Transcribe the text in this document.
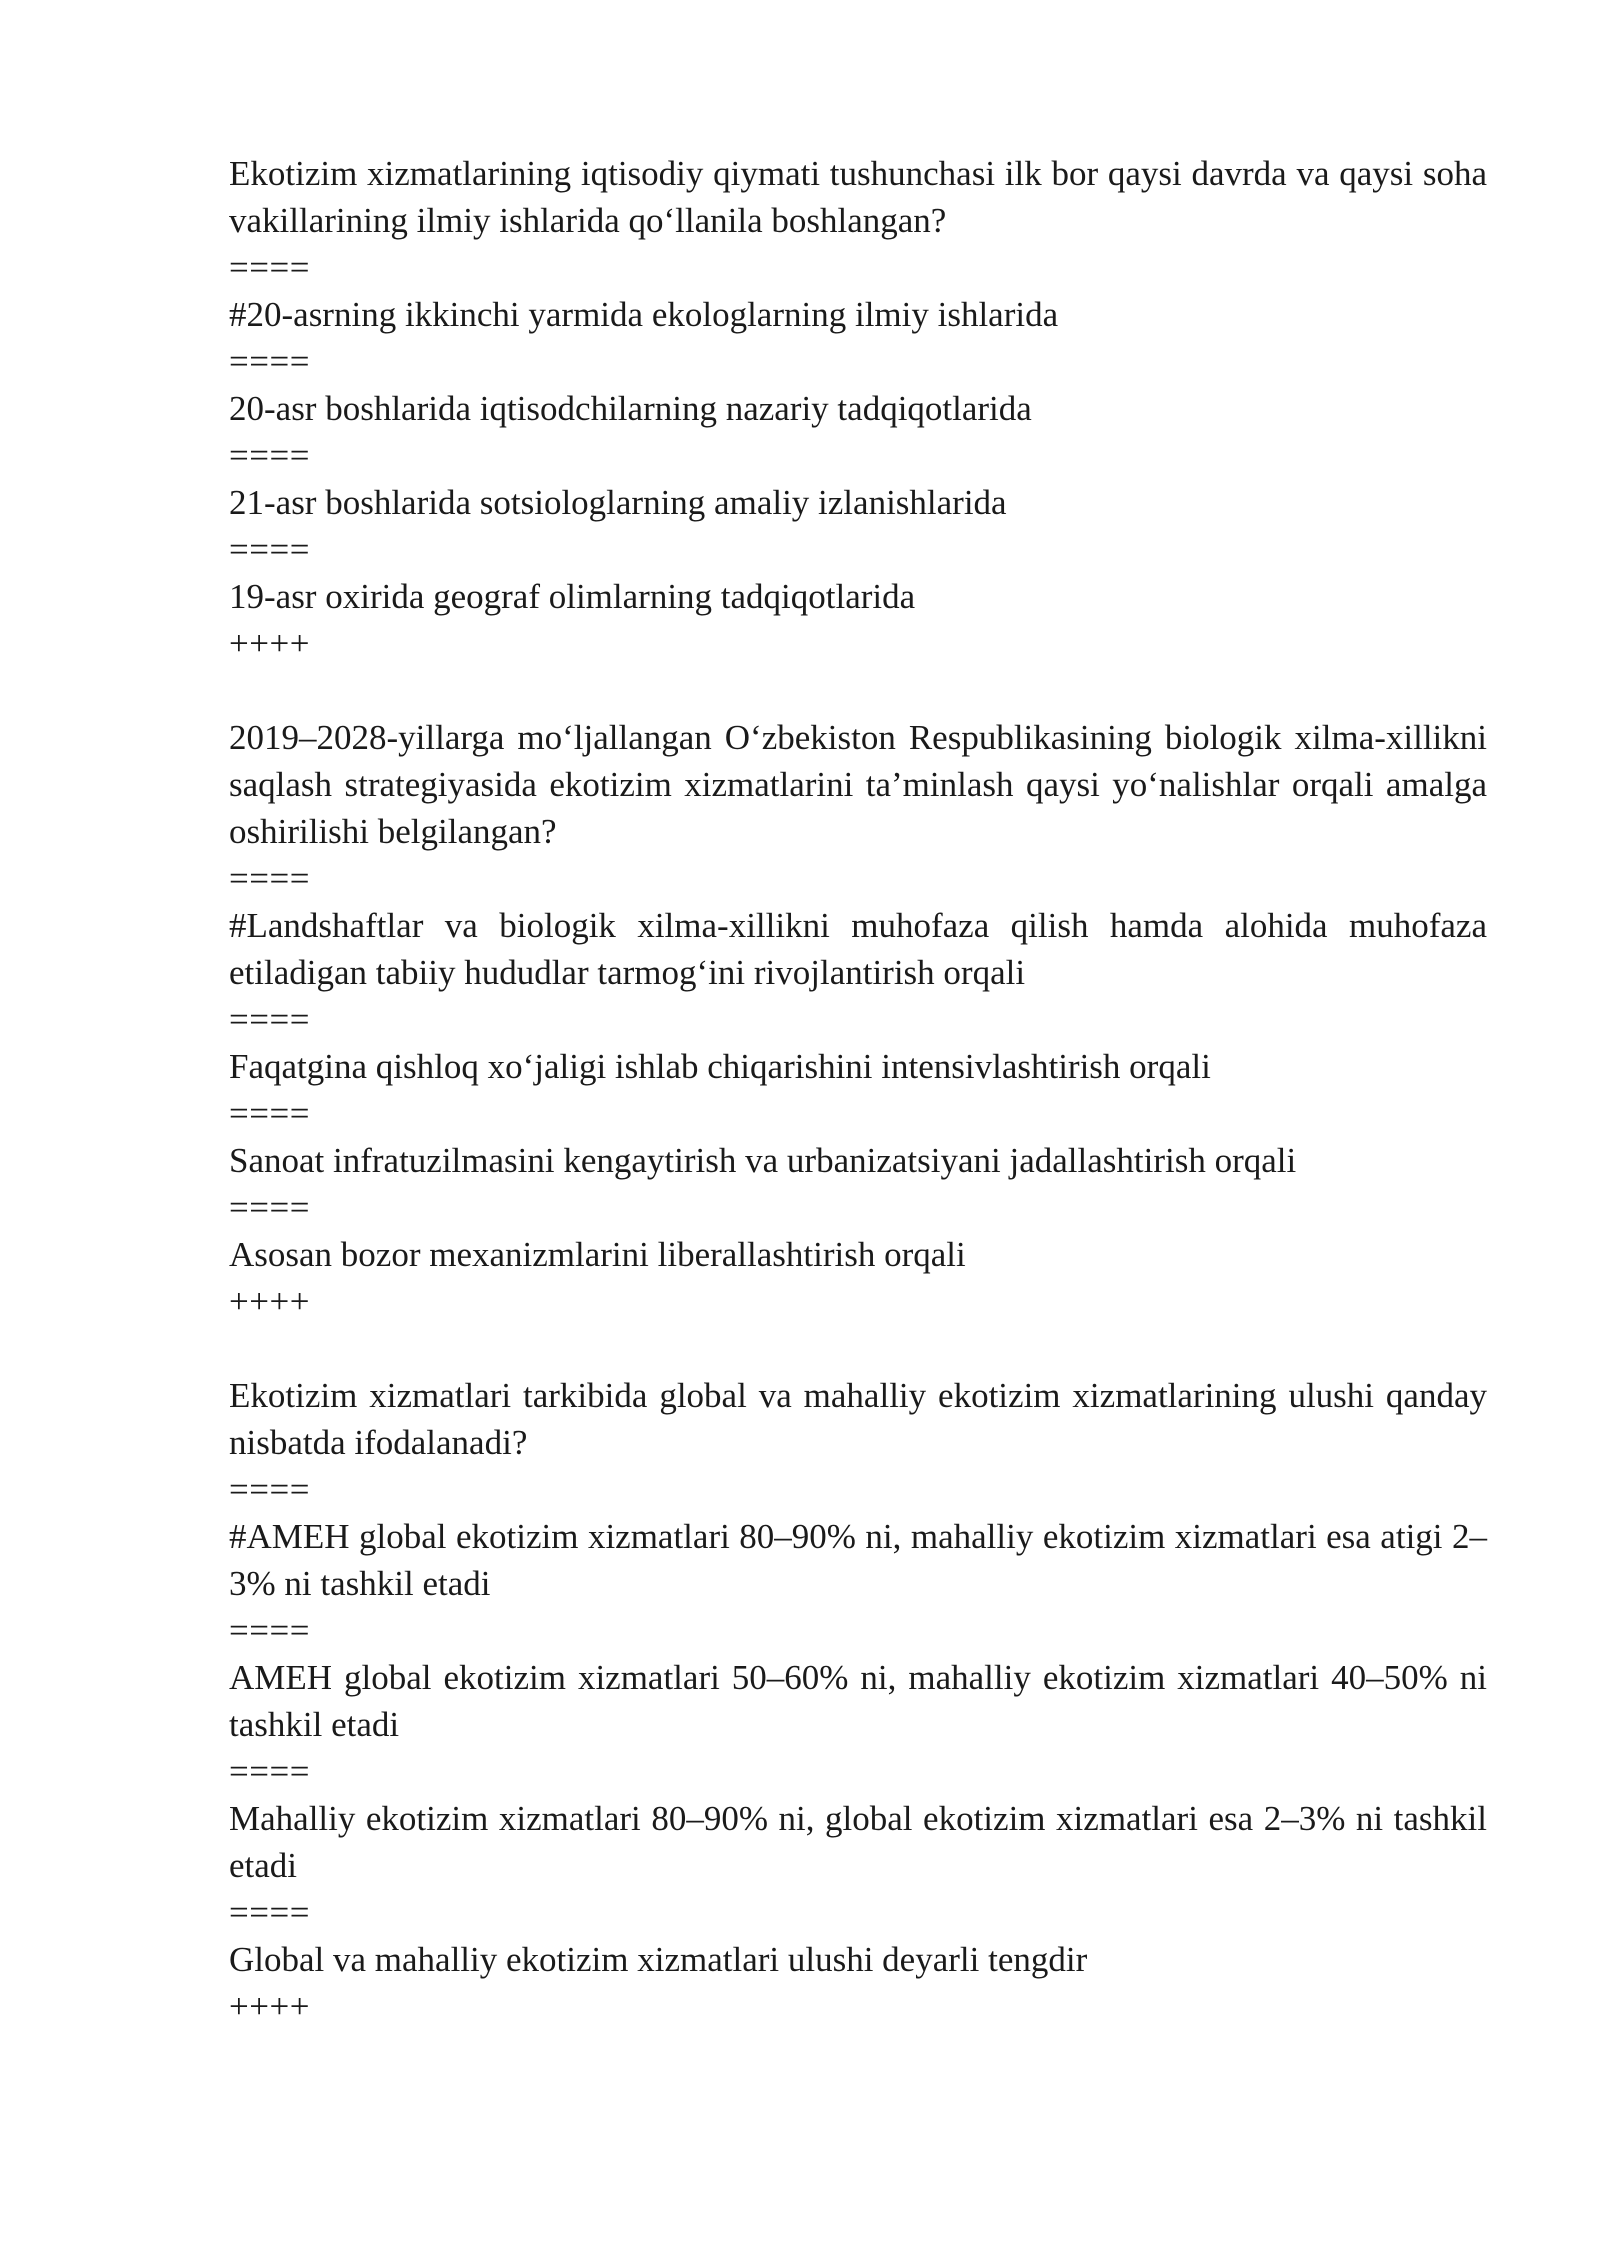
Ekotizim xizmatlarining iqtisodiy qiymati tushunchasi ilk bor qaysi davrda va qaysi soha vakillarining ilmiy ishlarida qo‘llanila boshlangan?

====

#20-asrning ikkinchi yarmida ekologlarning ilmiy ishlarida

====

20-asr boshlarida iqtisodchilarning nazariy tadqiqotlarida

====

21-asr boshlarida sotsiologlarning amaliy izlanishlarida

====

19-asr oxirida geograf olimlarning tadqiqotlarida

++++

2019–2028-yillarga mo‘ljallangan O‘zbekiston Respublikasining biologik xilma-xillikni saqlash strategiyasida ekotizim xizmatlarini ta’minlash qaysi yo‘nalishlar orqali amalga oshirilishi belgilangan?

====

#Landshaftlar va biologik xilma-xillikni muhofaza qilish hamda alohida muhofaza etiladigan tabiiy hududlar tarmog‘ini rivojlantirish orqali

====

Faqatgina qishloq xo‘jaligi ishlab chiqarishini intensivlashtirish orqali

====

Sanoat infratuzilmasini kengaytirish va urbanizatsiyani jadallashtirish orqali

====

Asosan bozor mexanizmlarini liberallashtirish orqali

++++

Ekotizim xizmatlari tarkibida global va mahalliy ekotizim xizmatlarining ulushi qanday nisbatda ifodalanadi?

====

#AMEH global ekotizim xizmatlari 80–90% ni, mahalliy ekotizim xizmatlari esa atigi 2–3% ni tashkil etadi

====

AMEH global ekotizim xizmatlari 50–60% ni, mahalliy ekotizim xizmatlari 40–50% ni tashkil etadi

====

Mahalliy ekotizim xizmatlari 80–90% ni, global ekotizim xizmatlari esa 2–3% ni tashkil etadi

====

Global va mahalliy ekotizim xizmatlari ulushi deyarli tengdir

++++
